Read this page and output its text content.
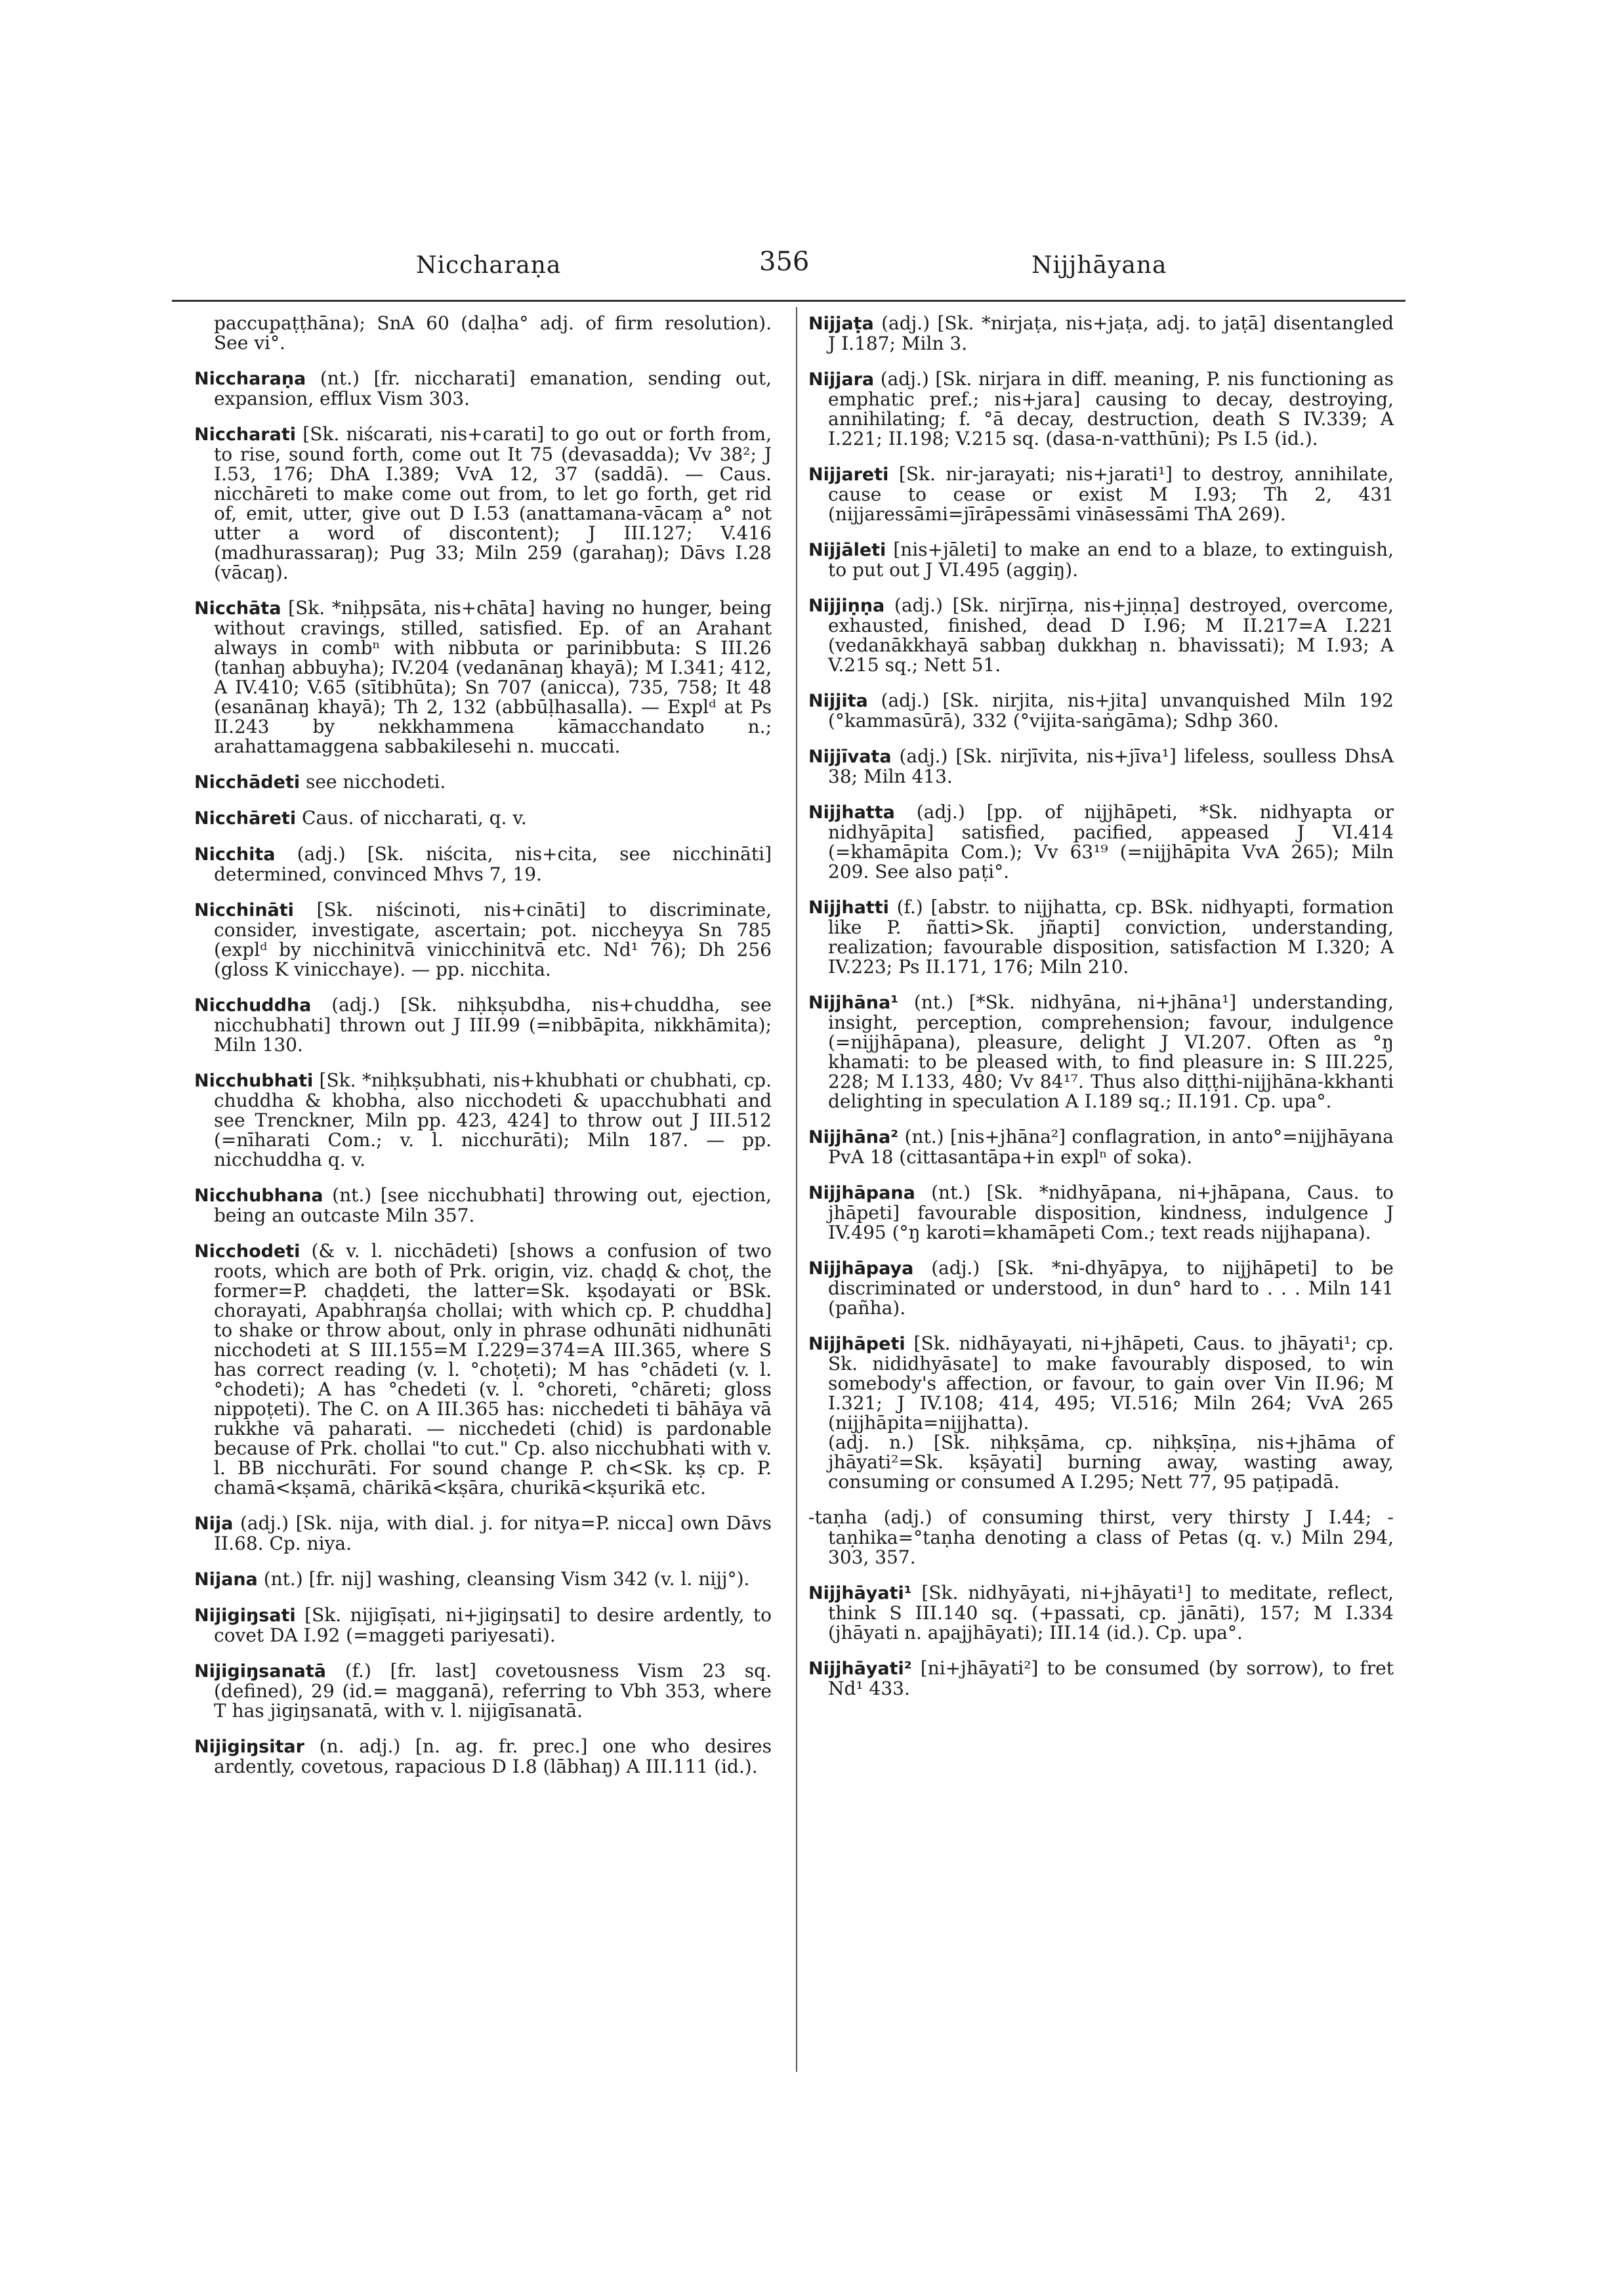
Niccharaṇa	356	Nijjhāyana

paccupaṭṭhāna); SnA 60 (daḷha° adj. of firm resolution). See vi°.

Niccharaṇa (nt.) [fr. niccharati] emanation, sending out, expansion, efflux Vism 303.

Niccharati [Sk. niścarati, nis+carati] to go out or forth from, to rise, sound forth, come out It 75 (devasadda); Vv 38²; J I.53, 176; DhA I.389; VvA 12, 37 (saddā). — Caus. nicchāreti to make come out from, to let go forth, get rid of, emit, utter, give out D I.53 (anattamana-vācaṃ a° not utter a word of discontent); J III.127; V.416 (madhurassaraŋ); Pug 33; Miln 259 (garahaŋ); Dāvs I.28 (vācaŋ).

Nicchāta [Sk. *niḥpsāta, nis+chāta] having no hunger, being without cravings, stilled, satisfied. Ep. of an Arahant always in combⁿ with nibbuta or parinibbuta: S III.26 (tanhaŋ abbuyha); IV.204 (vedanānaŋ khayā); M I.341; 412, A IV.410; V.65 (sītibhūta); Sn 707 (anicca), 735, 758; It 48 (esanānaŋ khayā); Th 2, 132 (abbūḷhasalla). — Explᵈ at Ps II.243 by nekkhammena kāmacchandato n.; arahattamaggena sabbakilesehi n. muccati.

Nicchādeti see nicchodeti.

Nicchāreti Caus. of niccharati, q. v.

Nicchita (adj.) [Sk. niścita, nis+cita, see nicchināti] determined, convinced Mhvs 7, 19.

Nicchināti [Sk. niścinoti, nis+cināti] to discriminate, consider, investigate, ascertain; pot. niccheyya Sn 785 (explᵈ by nicchinitvā vinicchinitvā etc. Nd¹ 76); Dh 256 (gloss K vinicchaye). — pp. nicchita.

Nicchuddha (adj.) [Sk. niḥkṣubdha, nis+chuddha, see nicchubhati] thrown out J III.99 (=nibbāpita, nikkhāmita); Miln 130.

Nicchubhati [Sk. *niḥkṣubhati, nis+khubhati or chubhati, cp. chuddha & khobha, also nicchodeti & upacchubhati and see Trenckner, Miln pp. 423, 424] to throw out J III.512 (=nīharati Com.; v. l. nicchurāti); Miln 187. — pp. nicchuddha q. v.

Nicchubhana (nt.) [see nicchubhati] throwing out, ejection, being an outcaste Miln 357.

Nicchodeti (& v. l. nicchādeti) [shows a confusion of two roots, which are both of Prk. origin, viz. chaḍḍ & choṭ, the former=P. chaḍḍeti, the latter=Sk. kṣodayati or BSk. chorayati, Apabhraŋśa chollai; with which cp. P. chuddha] to shake or throw about, only in phrase odhunāti nidhunāti nicchodeti at S III.155=M I.229=374=A III.365, where S has correct reading (v. l. °choṭeti); M has °chādeti (v. l. °chodeti); A has °chedeti (v. l. °choreti, °chāreti; gloss nippoṭeti). The C. on A III.365 has: nicchedeti ti bāhāya vā rukkhe vā paharati. — nicchedeti (chid) is pardonable because of Prk. chollai "to cut." Cp. also nicchubhati with v. l. BB nicchurāti. For sound change P. ch<Sk. kṣ cp. P. chamā<kṣamā, chārikā<kṣāra, churikā<kṣurikā etc.

Nija (adj.) [Sk. nija, with dial. j. for nitya=P. nicca] own Dāvs II.68. Cp. niya.

Nijana (nt.) [fr. nij] washing, cleansing Vism 342 (v. l. nijj°).

Nijigiŋsati [Sk. nijigīṣati, ni+jigiŋsati] to desire ardently, to covet DA I.92 (=maggeti pariyesati).

Nijigiŋsanatā (f.) [fr. last] covetousness Vism 23 sq. (defined), 29 (id.= magganā), referring to Vbh 353, where T has jigiŋsanatā, with v. l. nijigīsanatā.

Nijigiŋsitar (n. adj.) [n. ag. fr. prec.] one who desires ardently, covetous, rapacious D I.8 (lābhaŋ) A III.111 (id.).

Nijjaṭa (adj.) [Sk. *nirjaṭa, nis+jaṭa, adj. to jaṭā] disentangled J I.187; Miln 3.

Nijjara (adj.) [Sk. nirjara in diff. meaning, P. nis functioning as emphatic pref.; nis+jara] causing to decay, destroying, annihilating; f. °ā decay, destruction, death S IV.339; A I.221; II.198; V.215 sq. (dasa-n-vatthūni); Ps I.5 (id.).

Nijjareti [Sk. nir-jarayati; nis+jarati¹] to destroy, annihilate, cause to cease or exist M I.93; Th 2, 431 (nijjaressāmi=jīrāpessāmi vināsessāmi ThA 269).

Nijjāleti [nis+jāleti] to make an end to a blaze, to extinguish, to put out J VI.495 (aggiŋ).

Nijjiṇṇa (adj.) [Sk. nirjīrṇa, nis+jiṇṇa] destroyed, overcome, exhausted, finished, dead D I.96; M II.217=A I.221 (vedanākkhayā sabbaŋ dukkhaŋ n. bhavissati); M I.93; A V.215 sq.; Nett 51.

Nijjita (adj.) [Sk. nirjita, nis+jita] unvanquished Miln 192 (°kammasūrā), 332 (°vijita-saṅgāma); Sdhp 360.

Nijjīvata (adj.) [Sk. nirjīvita, nis+jīva¹] lifeless, soulless DhsA 38; Miln 413.

Nijjhatta (adj.) [pp. of nijjhāpeti, *Sk. nidhyapta or nidhyāpita] satisfied, pacified, appeased J VI.414 (=khamāpita Com.); Vv 63¹⁹ (=nijjhāpita VvA 265); Miln 209. See also paṭi°.

Nijjhatti (f.) [abstr. to nijjhatta, cp. BSk. nidhyapti, formation like P. ñatti>Sk. jñapti] conviction, understanding, realization; favourable disposition, satisfaction M I.320; A IV.223; Ps II.171, 176; Miln 210.

Nijjhāna¹ (nt.) [*Sk. nidhyāna, ni+jhāna¹] understanding, insight, perception, comprehension; favour, indulgence (=nijjhāpana), pleasure, delight J VI.207. Often as °ŋ khamati: to be pleased with, to find pleasure in: S III.225, 228; M I.133, 480; Vv 84¹⁷. Thus also diṭṭhi-nijjhāna-kkhanti delighting in speculation A I.189 sq.; II.191. Cp. upa°.

Nijjhāna² (nt.) [nis+jhāna²] conflagration, in anto°=nijjhāyana PvA 18 (cittasantāpa+in explⁿ of soka).

Nijjhāpana (nt.) [Sk. *nidhyāpana, ni+jhāpana, Caus. to jhāpeti] favourable disposition, kindness, indulgence J IV.495 (°ŋ karoti=khamāpeti Com.; text reads nijjhapana).

Nijjhāpaya (adj.) [Sk. *ni-dhyāpya, to nijjhāpeti] to be discriminated or understood, in dun° hard to . . . Miln 141 (pañha).

Nijjhāpeti [Sk. nidhāyayati, ni+jhāpeti, Caus. to jhāyati¹; cp. Sk. nididhyāsate] to make favourably disposed, to win somebody's affection, or favour, to gain over Vin II.96; M I.321; J IV.108; 414, 495; VI.516; Miln 264; VvA 265 (nijjhāpita=nijjhatta).

(adj. n.) [Sk. niḥkṣāma, cp. niḥkṣīṇa, nis+jhāma of jhāyati²=Sk. kṣāyati] burning away, wasting away, consuming or consumed A I.295; Nett 77, 95 paṭipadā.

-taṇha (adj.) of consuming thirst, very thirsty J I.44; -taṇhika=°taṇha denoting a class of Petas (q. v.) Miln 294, 303, 357.

Nijjhāyati¹ [Sk. nidhyāyati, ni+jhāyati¹] to meditate, reflect, think S III.140 sq. (+passati, cp. jānāti), 157; M I.334 (jhāyati n. apajjhāyati); III.14 (id.). Cp. upa°.

Nijjhāyati² [ni+jhāyati²] to be consumed (by sorrow), to fret Nd¹ 433.
